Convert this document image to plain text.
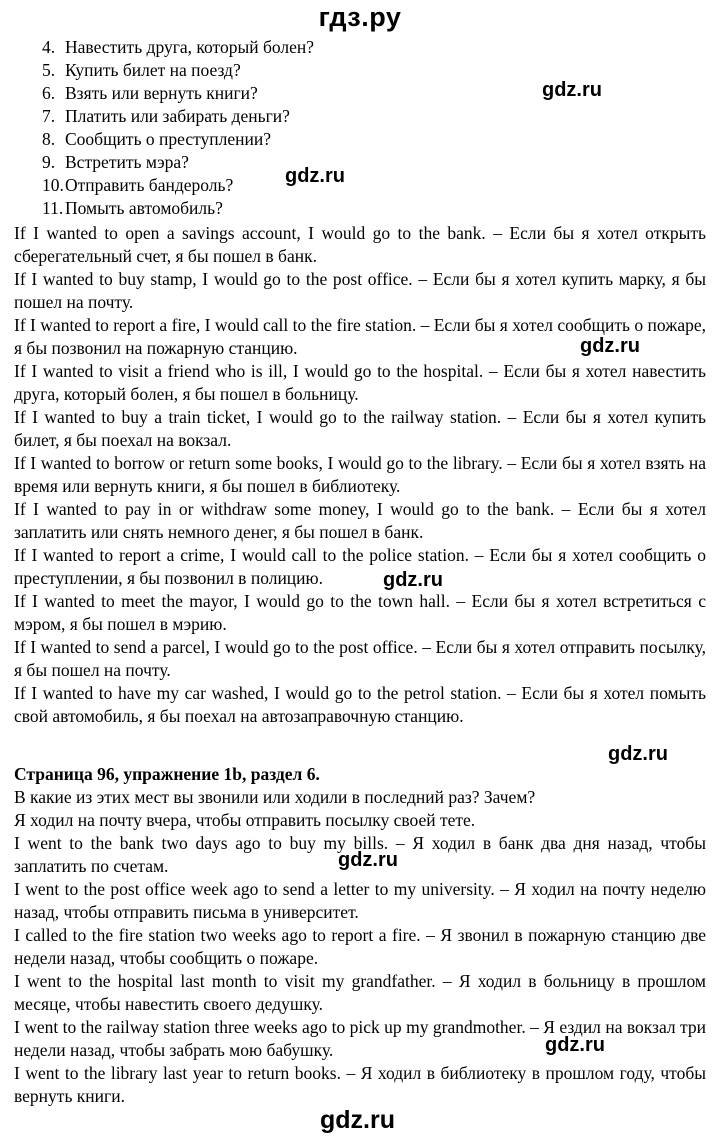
гдз.ру
4. Навестить друга, который болен?
5. Купить билет на поезд?
6. Взять или вернуть книги?
7. Платить или забирать деньги?
8. Сообщить о преступлении?
9. Встретить мэра?
10.Отправить бандероль?
11. Помыть автомобиль?

If I wanted to open a savings account, I would go to the bank. – Если бы я хотел открыть сберегательный счет, я бы пошел в банк.

If I wanted to buy stamp, I would go to the post office. – Если бы я хотел купить марку, я бы пошел на почту.

If I wanted to report a fire, I would call to the fire station. – Если бы я хотел сообщить о пожаре, я бы позвонил на пожарную станцию.

If I wanted to visit a friend who is ill, I would go to the hospital. – Если бы я хотел навестить друга, который болен, я бы пошел в больницу.

If I wanted to buy a train ticket, I would go to the railway station. – Если бы я хотел купить билет, я бы поехал на вокзал.

If I wanted to borrow or return some books, I would go to the library. – Если бы я хотел взять на время или вернуть книги, я бы пошел в библиотеку.

If I wanted to pay in or withdraw some money, I would go to the bank. – Если бы я хотел заплатить или снять немного денег, я бы пошел в банк.

If I wanted to report a crime, I would call to the police station. – Если бы я хотел сообщить о преступлении, я бы позвонил в полицию.

If I wanted to meet the mayor, I would go to the town hall. – Если бы я хотел встретиться с мэром, я бы пошел в мэрию.

If I wanted to send a parcel, I would go to the post office. – Если бы я хотел отправить посылку, я бы пошел на почту.

If I wanted to have my car washed, I would go to the petrol station. – Если бы я хотел помыть свой автомобиль, я бы поехал на автозаправочную станцию.

Страница 96, упражнение 1b, раздел 6.

В какие из этих мест вы звонили или ходили в последний раз? Зачем?

Я ходил на почту вчера, чтобы отправить посылку своей тете.

I went to the bank two days ago to buy my bills. – Я ходил в банк два дня назад, чтобы заплатить по счетам.

I went to the post office week ago to send a letter to my university. – Я ходил на почту неделю назад, чтобы отправить письма в университет.

I called to the fire station two weeks ago to report a fire. – Я звонил в пожарную станцию две недели назад, чтобы сообщить о пожаре.

I went to the hospital last month to visit my grandfather. – Я ходил в больницу в прошлом месяце, чтобы навестить своего дедушку.

I went to the railway station three weeks ago to pick up my grandmother. – Я ездил на вокзал три недели назад, чтобы забрать мою бабушку.

I went to the library last year to return books. – Я ходил в библиотеку в прошлом году, чтобы вернуть книги.

gdz.ru
gdz.ru
gdz.ru
gdz.ru
gdz.ru
gdz.ru
gdz.ru
gdz.ru
